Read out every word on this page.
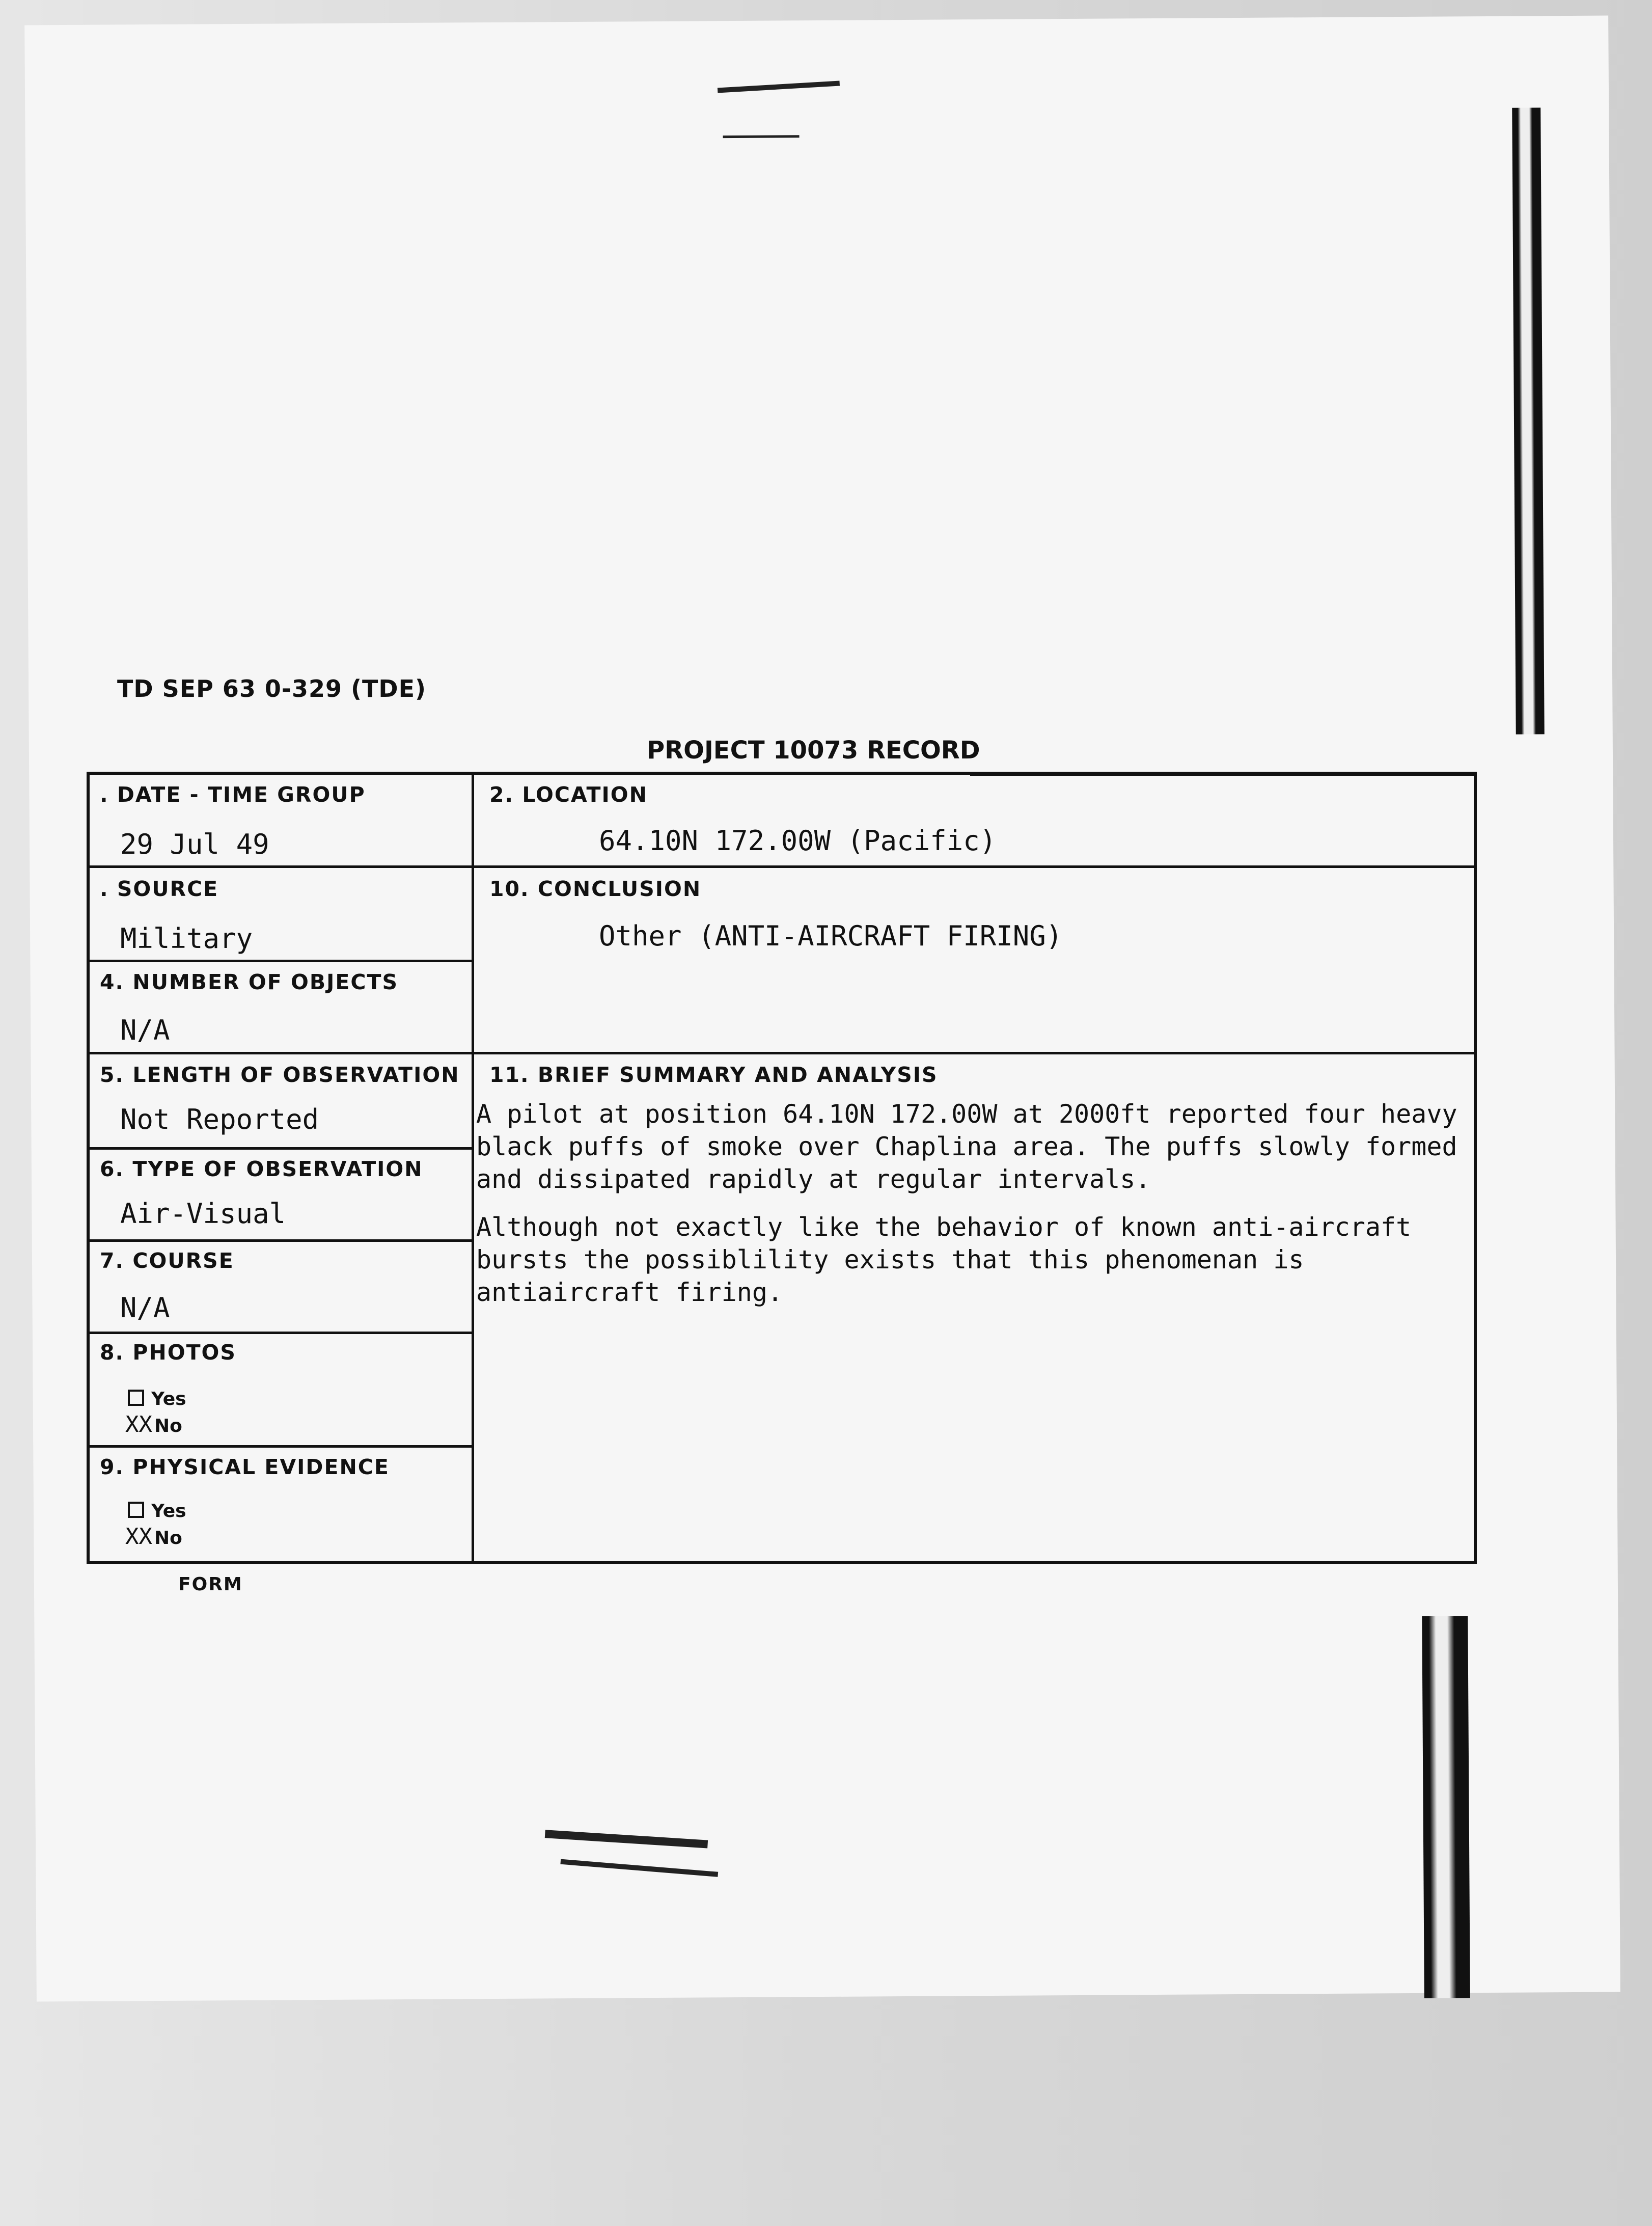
TD SEP 63 0-329 (TDE)
PROJECT 10073 RECORD
. DATE - TIME GROUP
29 Jul 49
2. LOCATION
64.10N 172.00W (Pacific)
. SOURCE
Military
10. CONCLUSION
Other (ANTI-AIRCRAFT FIRING)
4. NUMBER OF OBJECTS
N/A
5. LENGTH OF OBSERVATION
Not Reported
11. BRIEF SUMMARY AND ANALYSIS
6. TYPE OF OBSERVATION
Air-Visual
7. COURSE
N/A
8. PHOTOS
Yes
XX No
9. PHYSICAL EVIDENCE
Yes
XX No

A pilot at position 64.10N 172.00W at 2000ft reported four heavy black puffs of smoke over Chaplina area. The puffs slowly formed and dissipated rapidly at regular intervals.

Although not exactly like the behavior of known anti-aircraft bursts the possiblility exists that this phenomenan is antiaircraft firing.

FORM
